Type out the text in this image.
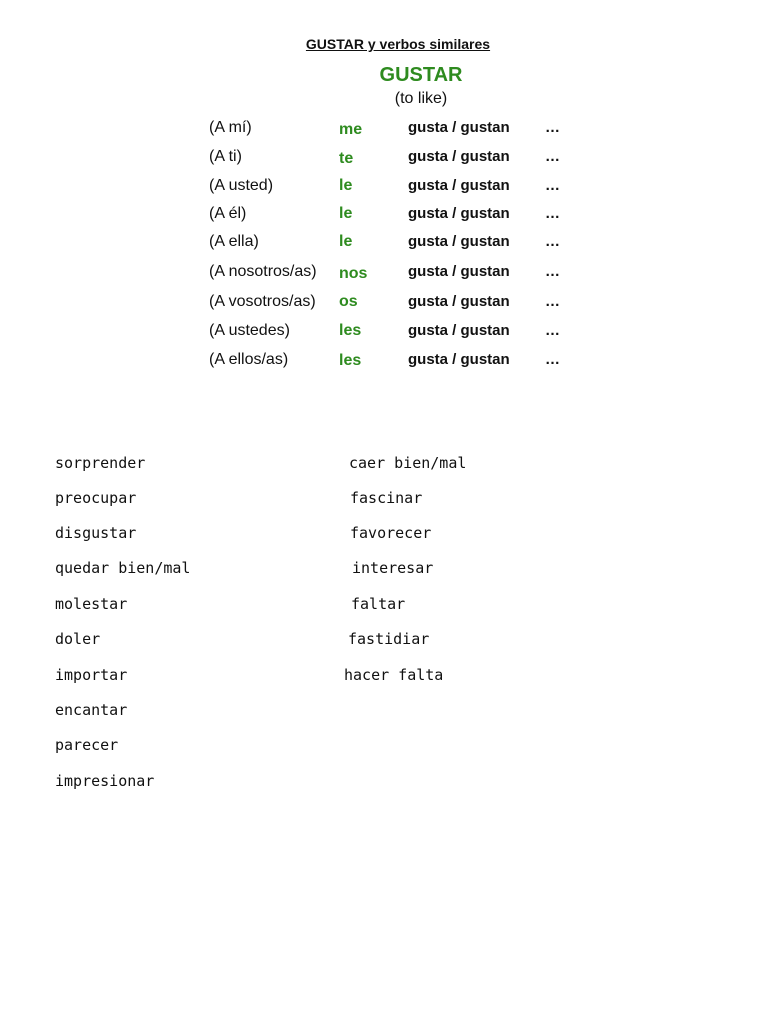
GUSTAR y verbos similares
GUSTAR
(to like)
(A mí)	me	gusta / gustan …
(A ti)	te	gusta / gustan …
(A usted)	le	gusta / gustan …
(A él)	le	gusta / gustan …
(A ella)	le	gusta / gustan …
(A nosotros/as) nos	gusta / gustan …
(A vosotros/as) os	gusta / gustan …
(A ustedes)	les	gusta / gustan …
(A ellos/as)	les	gusta / gustan …
sorprender
preocupar
disgustar
quedar bien/mal
molestar
doler
importar
encantar
parecer
impresionar
caer bien/mal
fascinar
favorecer
interesar
faltar
fastidiar
hacer falta
